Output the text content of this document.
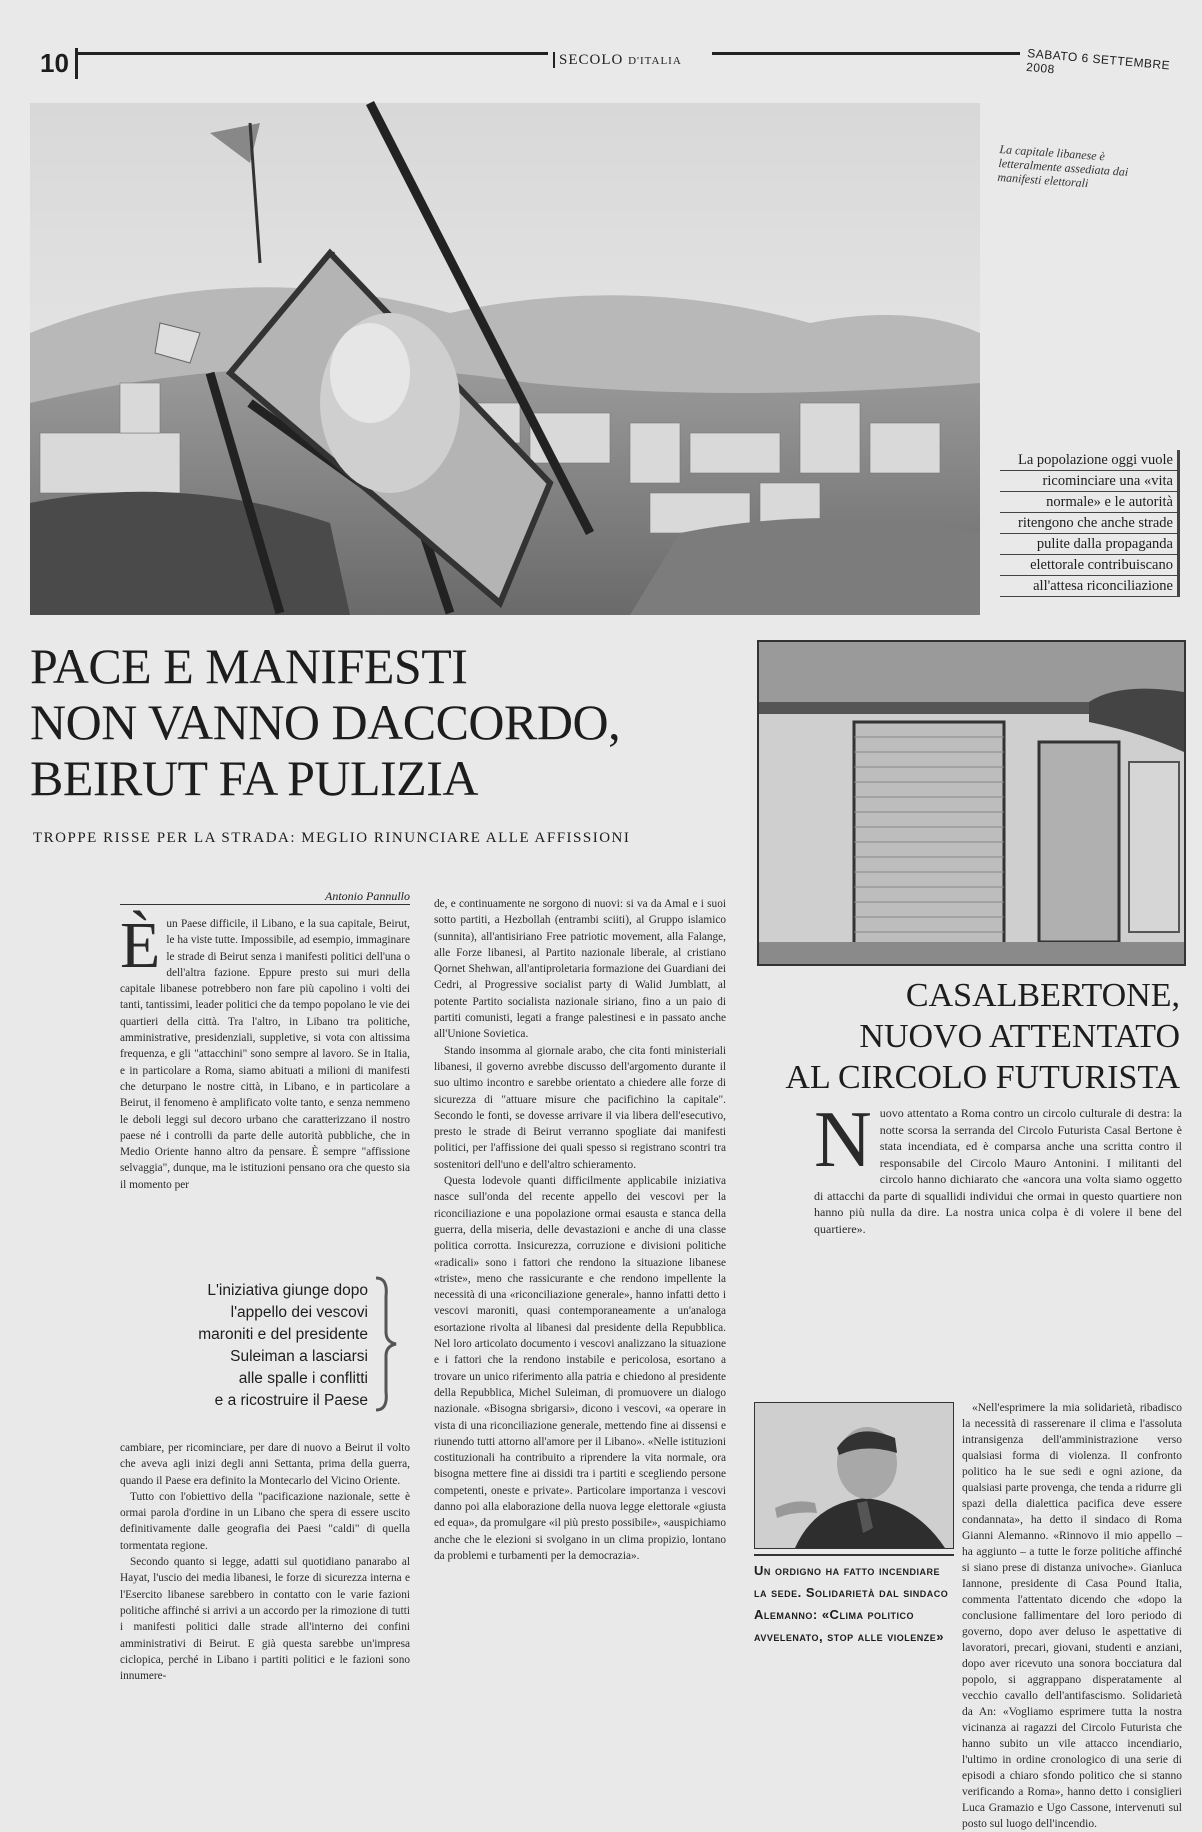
10	SECOLO D'ITALIA	SABATO 6 SETTEMBRE 2008
La capitale libanese è letteralmente assediata dai manifesti elettorali
La popolazione oggi vuole
ricominciare una «vita
normale» e le autorità
ritengono che anche strade
pulite dalla propaganda
elettorale contribuiscano
all'attesa riconciliazione
PACE E MANIFESTI
NON VANNO DACCORDO,
BEIRUT FA PULIZIA
TROPPE RISSE PER LA STRADA: MEGLIO RINUNCIARE ALLE AFFISSIONI
Antonio Pannullo
È un Paese difficile, il Libano, e la sua capitale, Beirut, le ha viste tutte. Impossibile, ad esempio, immaginare le strade di Beirut senza i manifesti politici dell'una o dell'altra fazione. Eppure presto sui muri della capitale libanese potrebbero non fare più capolino i volti dei tanti, tantissimi, leader politici che da tempo popolano le vie dei quartieri della città. Tra l'altro, in Libano tra politiche, amministrative, presidenziali, suppletive, si vota con altissima frequenza, e gli "attacchini" sono sempre al lavoro. Se in Italia, e in particolare a Roma, siamo abituati a milioni di manifesti che deturpano le nostre città, in Libano, e in particolare a Beirut, il fenomeno è amplificato volte tanto, e senza nemmeno le deboli leggi sul decoro urbano che caratterizzano il nostro paese né i controlli da parte delle autorità pubbliche, che in Medio Oriente hanno altro da pensare. È sempre "affissione selvaggia", dunque, ma le istituzioni pensano ora che questo sia il momento per

L'iniziativa giunge dopo
l'appello dei vescovi
maroniti e del presidente
Suleiman a lasciarsi
alle spalle i conflitti
e a ricostruire il Paese

cambiare, per ricominciare, per dare di nuovo a Beirut il volto che aveva agli inizi degli anni Settanta, prima della guerra, quando il Paese era definito la Montecarlo del Vicino Oriente.

Tutto con l'obiettivo della "pacificazione nazionale, sette è ormai parola d'ordine in un Libano che spera di essere uscito definitivamente dalle geografia dei Paesi "caldi" di quella tormentata regione.

Secondo quanto si legge, adatti sul quotidiano panarabo al Hayat, l'uscio dei media libanesi, le forze di sicurezza interna e l'Esercito libanese sarebbero in contatto con le varie fazioni politiche affinché si arrivi a un accordo per la rimozione di tutti i manifesti politici dalle strade all'interno dei confini amministrativi di Beirut. E già questa sarebbe un'impresa ciclopica, perché in Libano i partiti politici e le fazioni sono innumere-

de, e continuamente ne sorgono di nuovi: si va da Amal e i suoi sotto partiti, a Hezbollah (entrambi sciiti), al Gruppo islamico (sunnita), all'antisiriano Free patriotic movement, alla Falange, alle Forze libanesi, al Partito nazionale liberale, al cristiano Qornet Shehwan, all'antiproletaria formazione dei Guardiani dei Cedri, al Progressive socialist party di Walid Jumblatt, al potente Partito socialista nazionale siriano, fino a un paio di partiti comunisti, legati a frange palestinesi e in passato anche all'Unione Sovietica.

Stando insomma al giornale arabo, che cita fonti ministeriali libanesi, il governo avrebbe discusso dell'argomento durante il suo ultimo incontro e sarebbe orientato a chiedere alle forze di sicurezza di "attuare misure che pacifichino la capitale". Secondo le fonti, se dovesse arrivare il via libera dell'esecutivo, presto le strade di Beirut verranno spogliate dai manifesti politici, per l'affissione dei quali spesso si registrano scontri tra sostenitori dell'uno e dell'altro schieramento.

Questa lodevole quanti difficilmente applicabile iniziativa nasce sull'onda del recente appello dei vescovi per la riconciliazione e una popolazione ormai esausta e stanca della guerra, della miseria, delle devastazioni e anche di una classe politica corrotta. Insicurezza, corruzione e divisioni politiche «radicali» sono i fattori che rendono la situazione libanese «triste», meno che rassicurante e che rendono impellente la necessità di una «riconciliazione generale», hanno infatti detto i vescovi maroniti, quasi contemporaneamente a un'analoga esortazione rivolta al libanesi dal presidente della Repubblica. Nel loro articolato documento i vescovi analizzano la situazione e i fattori che la rendono instabile e pericolosa, esortano a trovare un unico riferimento alla patria e chiedono al presidente della Repubblica, Michel Suleiman, di promuovere un dialogo nazionale. «Bisogna sbrigarsi», dicono i vescovi, «a operare in vista di una riconciliazione generale, mettendo fine ai dissensi e riunendo tutti attorno all'amore per il Libano». «Nelle istituzioni costituzionali ha contribuito a riprendere la vita normale, ora bisogna mettere fine ai dissidi tra i partiti e scegliendo persone competenti, oneste e private». Particolare importanza i vescovi danno poi alla elaborazione della nuova legge elettorale «giusta ed equa», da promulgare «il più presto possibile», «auspichiamo anche che le elezioni si svolgano in un clima propizio, lontano da problemi e turbamenti per la democrazia».

CASALBERTONE,
NUOVO ATTENTATO
AL CIRCOLO FUTURISTA
N uovo attentato a Roma contro un circolo culturale di destra: la notte scorsa la serranda del Circolo Futurista Casal Bertone è stata incendiata, ed è comparsa anche una scritta contro il responsabile del Circolo Mauro Antonini. I militanti del circolo hanno dichiarato che «ancora una volta siamo oggetto di attacchi da parte di squallidi individui che ormai in questo quartiere non hanno più nulla da dire. La nostra unica colpa è di volere il bene del quartiere».

«Nell'esprimere la mia solidarietà, ribadisco la necessità di rasserenare il clima e l'assoluta intransigenza dell'amministrazione verso qualsiasi forma di violenza. Il confronto politico ha le sue sedi e ogni azione, da qualsiasi parte provenga, che tenda a ridurre gli spazi della dialettica pacifica deve essere condannata», ha detto il sindaco di Roma Gianni Alemanno. «Rinnovo il mio appello – ha aggiunto – a tutte le forze politiche affinché si siano prese di distanza univoche». Gianluca Iannone, presidente di Casa Pound Italia, commenta l'attentato dicendo che «dopo la conclusione fallimentare del loro periodo di governo, dopo aver deluso le aspettative di lavoratori, precari, giovani, studenti e anziani, dopo aver ricevuto una sonora bocciatura dal popolo, si aggrappano disperatamente al vecchio cavallo dell'antifascismo. Solidarietà da An: «Vogliamo esprimere tutta la nostra vicinanza ai ragazzi del Circolo Futurista che hanno subito un vile attacco incendiario, l'ultimo in ordine cronologico di una serie di episodi a chiaro sfondo politico che si stanno verificando a Roma», hanno detto i consiglieri Luca Gramazio e Ugo Cassone, intervenuti sul posto sul luogo dell'incendio.

Un ordigno ha fatto incendiare la sede. Solidarietà dal sindaco Alemanno: «Clima politico avvelenato, stop alle violenze»
